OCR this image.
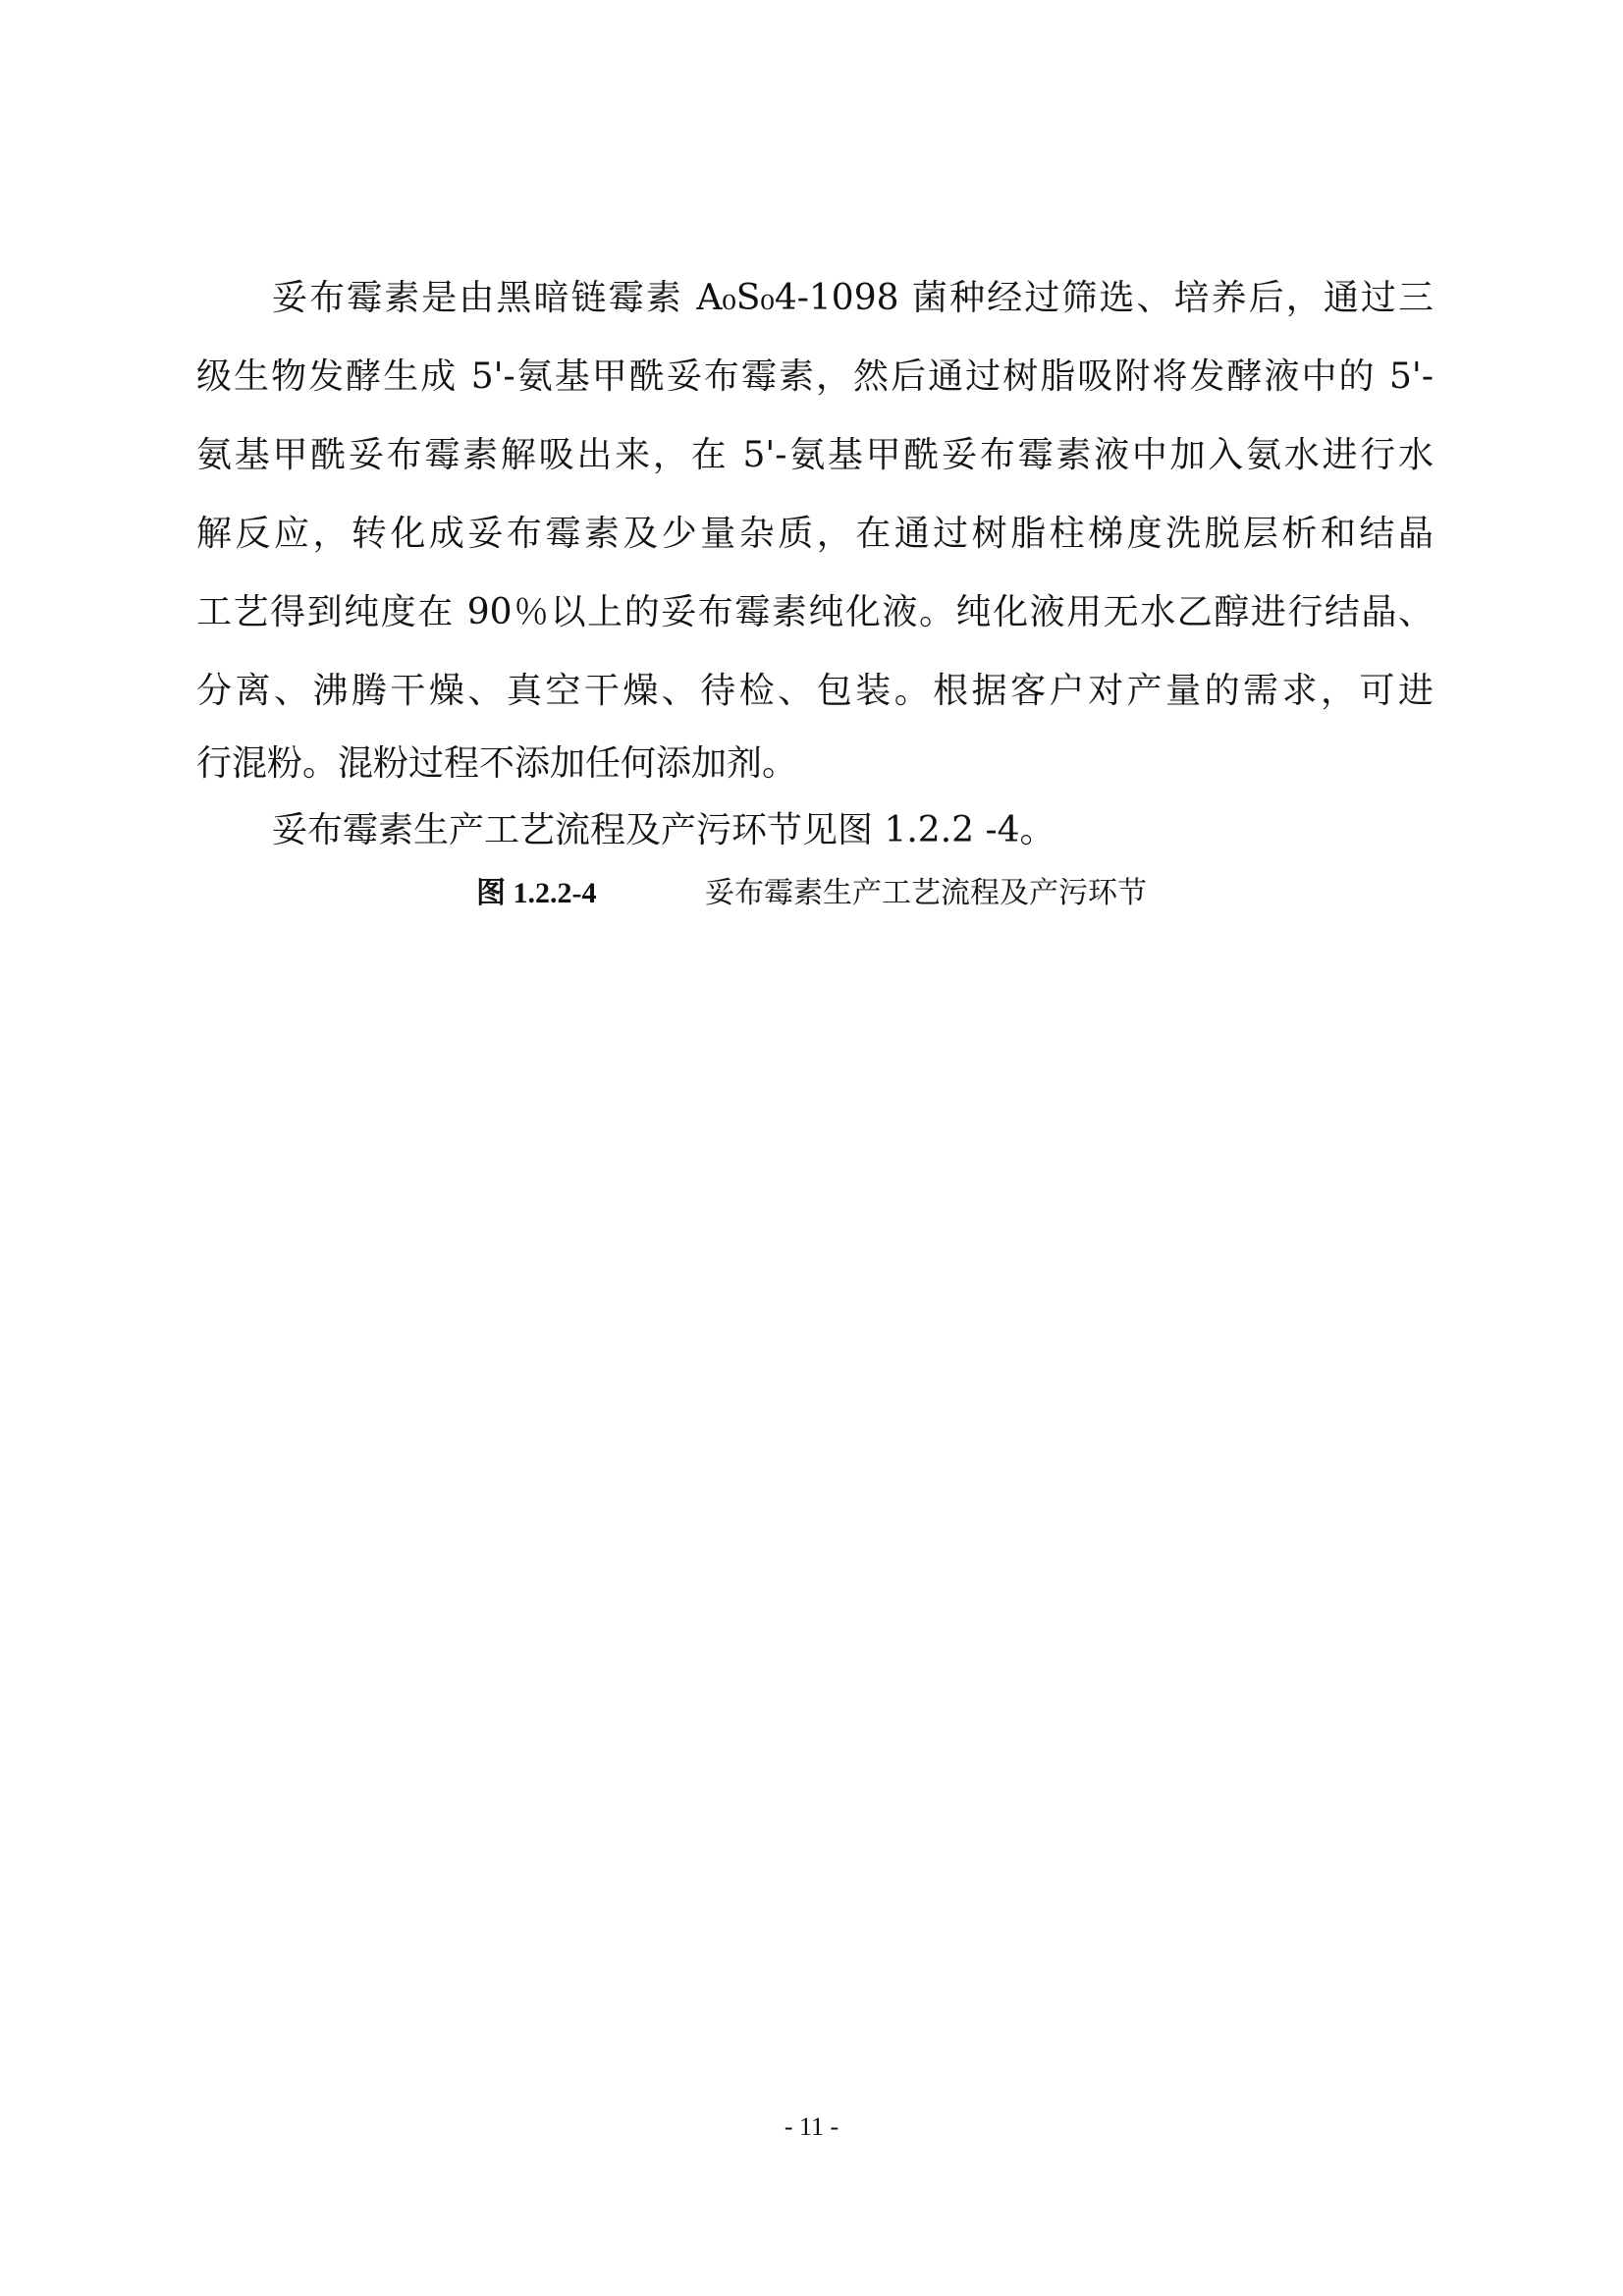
妥布霉素是由黑暗链霉素 A₀S₀4-1098 菌种经过筛选、培养后，通过三
级生物发酵生成 5'-氨基甲酰妥布霉素，然后通过树脂吸附将发酵液中的 5'-
氨基甲酰妥布霉素解吸出来，在 5'-氨基甲酰妥布霉素液中加入氨水进行水
解反应，转化成妥布霉素及少量杂质，在通过树脂柱梯度洗脱层析和结晶
工艺得到纯度在 90％以上的妥布霉素纯化液。纯化液用无水乙醇进行结晶、
分离、沸腾干燥、真空干燥、待检、包装。根据客户对产量的需求，可进
行混粉。混粉过程不添加任何添加剂。
妥布霉素生产工艺流程及产污环节见图 1.2.2 -4。
图 1.2.2-4	妥布霉素生产工艺流程及产污环节
- 11 -
